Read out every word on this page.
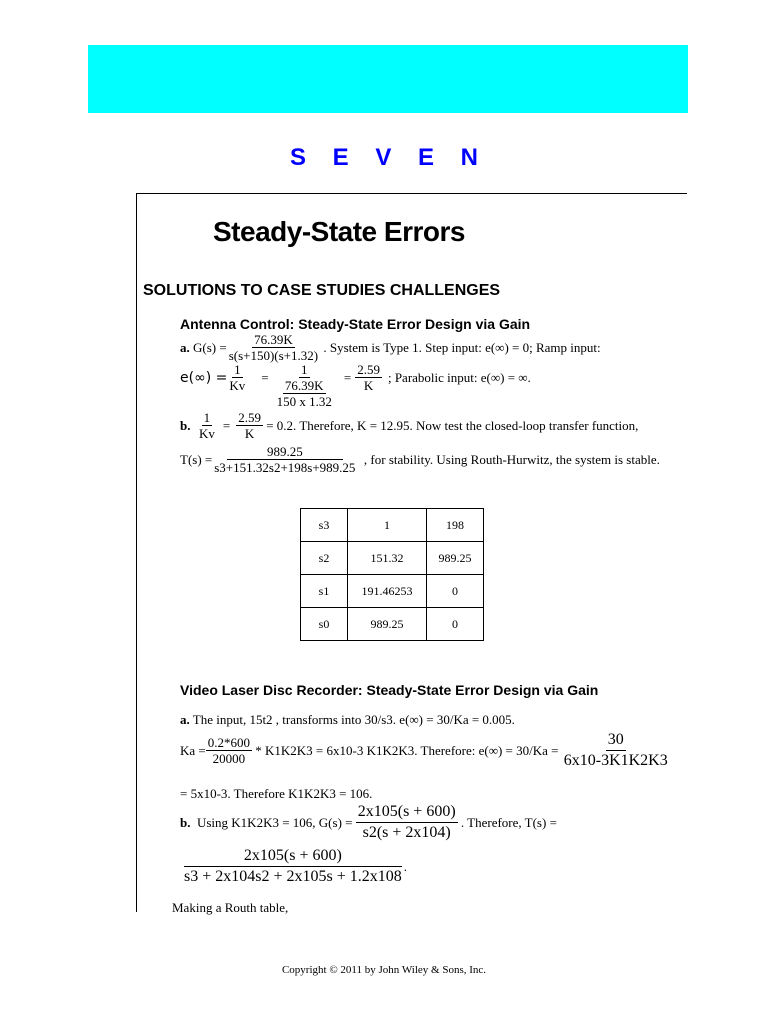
S E V E N
Steady-State Errors
SOLUTIONS TO CASE STUDIES CHALLENGES
Antenna Control: Steady-State Error Design via Gain
a.
$G(s) = \frac{76.39K}{s(s+150)(s+1.32)}$
. System is Type 1. Step input: e(∞) = 0; Ramp input:
$e(\infty) = \frac{1}{Kv}$ =
1
76.39K
150 x 1.32
= $\frac{2.59}{K}$ ; Parabolic input: e(∞) = ∞.
b.
$\frac{1}{Kv} = \frac{2.59}{K}$
= 0.2. Therefore, K = 12.95. Now test the closed-loop transfer function,
$T(s) = \frac{989.25}{s3+151.32s2+198s+989.25}$
, for stability. Using Routh-Hurwitz, the system is stable.
s3	1	198
s2	151.32	989.25
s1	191.46253	0
s0	989.25	0
Video Laser Disc Recorder: Steady-State Error Design via Gain
a. The input, 15t2 , transforms into 30/s3. e(∞) = 30/Ka = 0.005.
$Ka = \frac{0.2*600}{20000}$
* K1K2K3 = 6x10-3 K1K2K3. Therefore: e(∞) = 30/Ka =
$\frac{30}{6x10-3K1K2K3}$
= 5x10-3. Therefore K1K2K3 = 106.
b.
Using K1K2K3 = 106, G(s) =
$\frac{2x105(s + 600)}{s2(s + 2x104)}$
. Therefore, T(s) =
$\frac{2x105(s + 600)}{s3 + 2x104s2 + 2x105s + 1.2x108}$ .
Making a Routh table,
Copyright © 2011 by John Wiley & Sons, Inc.
